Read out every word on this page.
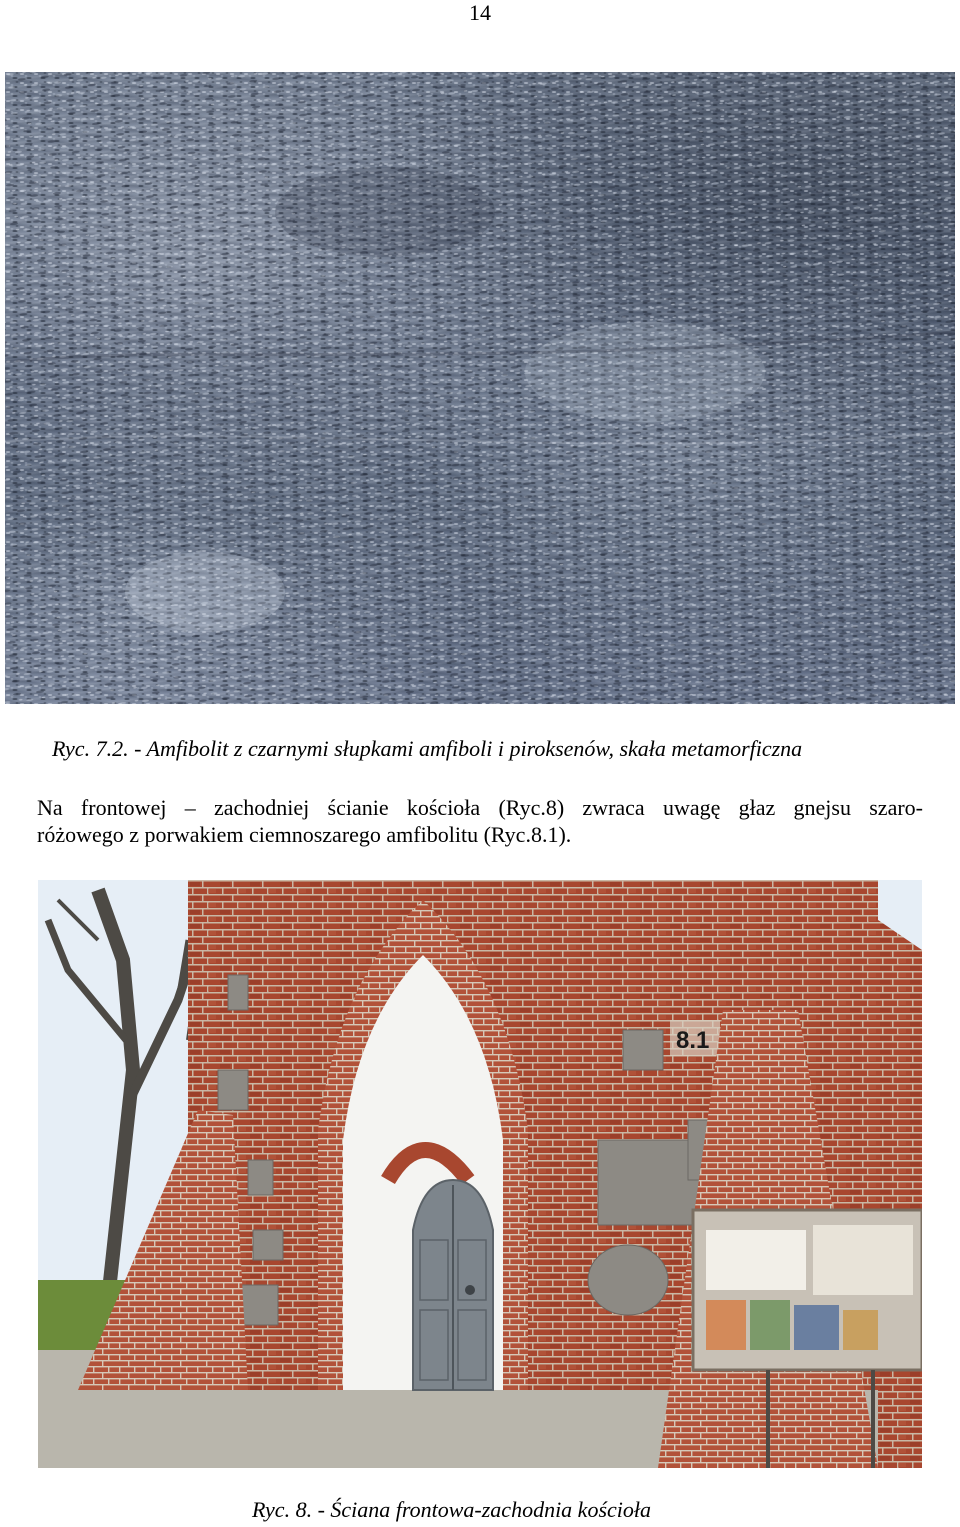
14
Ryc. 7.2. - Amfibolit z czarnymi słupkami amfiboli i piroksenów, skała metamorficzna
Na frontowej – zachodniej ścianie kościoła (Ryc.8) zwraca uwagę głaz gnejsu szaro-
różowego z porwakiem ciemnoszarego amfibolitu (Ryc.8.1).
8.1
Ryc. 8. - Ściana frontowa-zachodnia kościoła
